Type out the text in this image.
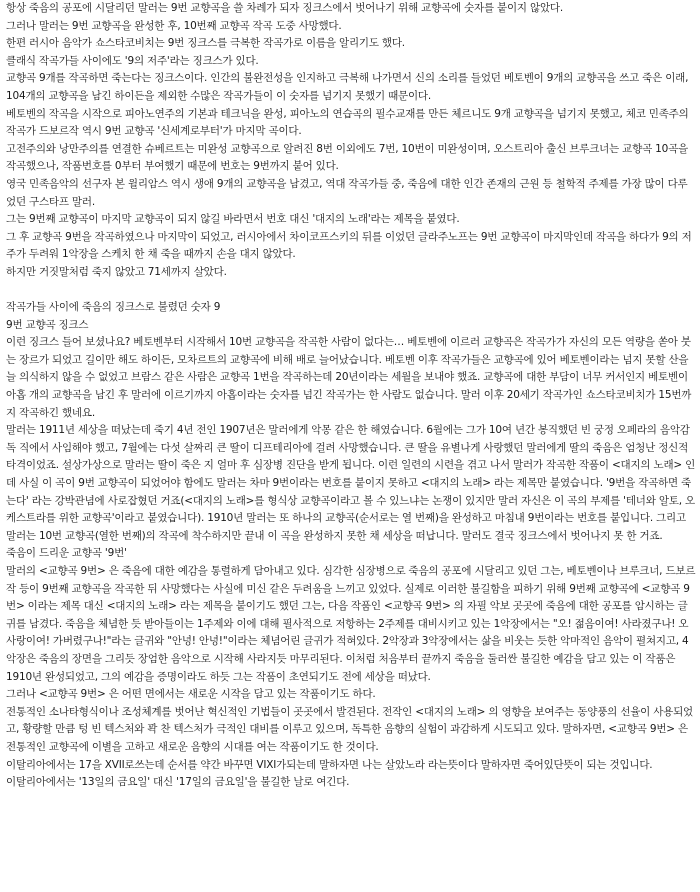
항상 죽음의 공포에 시달리던 말러는 9번 교향곡을 쓸 차례가 되자 징크스에서 벗어나기 위해 교향곡에 숫자를 붙이지 않았다.

그러나 말러는 9번 교향곡을 완성한 후, 10번째 교향곡 작곡 도중 사망했다.

한편 러시아 음악가 쇼스타코비치는 9번 징크스를 극복한 작곡가로 이름을 알리기도 했다.

클래식 작곡가들 사이에도 '9의 저주'라는 징크스가 있다.

교향곡 9개를 작곡하면 죽는다는 징크스이다. 인간의 불완전성을 인지하고 극복해 나가면서 신의 소리를 들었던 베토벤이 9개의 교향곡을 쓰고 죽은 이래, 104개의 교향곡을 남긴 하이든을 제외한 수많은 작곡가들이 이 숫자를 넘기지 못했기 때문이다.

베토벤의 작곡을 시작으로 피아노연주의 기본과 테크닉을 완성, 피아노의 연습곡의 필수교재를 만든 체르니도 9개 교향곡을 넘기지 못했고, 체코 민족주의 작곡가 드보르작 역시 9번 교향곡 '신세계로부터'가 마지막 곡이다.

고전주의와 낭만주의를 연결한 슈베르트는 미완성 교향곡으로 알려진 8번 이외에도 7번, 10번이 미완성이며, 오스트리아 출신 브루크너는 교향곡 10곡을 작곡했으나, 작품번호를 0부터 부여했기 때문에 번호는 9번까지 붙어 있다.

영국 민족음악의 선구자 본 윌리암스 역시 생애 9개의 교향곡을 남겼고, 역대 작곡가들 중, 죽음에 대한 인간 존재의 근원 등 철학적 주제를 가장 많이 다루었던 구스타프 말러.

그는 9번째 교향곡이 마지막 교향곡이 되지 않길 바라면서 번호 대신 '대지의 노래'라는 제목을 붙였다.

그 후 교향곡 9번을 작곡하였으나 마지막이 되었고, 러시아에서 차이코프스키의 뒤를 이었던 글라주노프는 9번 교향곡이 마지막인데 작곡을 하다가 9의 저주가 두려워 1악장을 스케치 한 채 죽을 때까지 손을 대지 않았다.

하지만 거짓말처럼 죽지 않았고 71세까지 살았다.

작곡가들 사이에 죽음의 징크스로 불렸던 숫자 9

9번 교향곡 징크스

이런 징크스 들어 보셨나요? 베토벤부터 시작해서 10번 교향곡을 작곡한 사람이 없다는… 베토벤에 이르러 교향곡은 작곡가가 자신의 모든 역량을 쏟아 붓는 장르가 되었고 길이만 해도 하이든, 모차르트의 교향곡에 비해 배로 늘어났습니다. 베토벤 이후 작곡가들은 교향곡에 있어 베토벤이라는 넘지 못할 산을 늘 의식하지 않을 수 없었고 브람스 같은 사람은 교향곡 1번을 작곡하는데 20년이라는 세월을 보내야 했죠. 교향곡에 대한 부담이 너무 커서인지 베토벤이 아홉 개의 교향곡을 남긴 후 말러에 이르기까지 아홉이라는 숫자를 넘긴 작곡가는 한 사람도 없습니다. 말러 이후 20세기 작곡가인 쇼스타코비치가 15번까지 작곡하긴 했네요.

말러는 1911년 세상을 떠났는데 죽기 4년 전인 1907년은 말러에게 악몽 같은 한 해였습니다. 6월에는 그가 10여 년간 봉직했던 빈 궁정 오페라의 음악감독 직에서 사임해야 했고, 7월에는 다섯 살짜리 큰 딸이 디프테리아에 걸려 사망했습니다. 큰 딸을 유별나게 사랑했던 말러에게 딸의 죽음은 엄청난 정신적 타격이었죠. 설상가상으로 말러는 딸이 죽은 지 얼마 후 심장병 진단을 받게 됩니다. 이런 일련의 시련을 겪고 나서 말러가 작곡한 작품이 <대지의 노래> 인데 사실 이 곡이 9번 교향곡이 되었어야 함에도 말러는 차마 9번이라는 번호를 붙이지 못하고 <대지의 노래> 라는 제목만 붙였습니다. '9번을 작곡하면 죽는다' 라는 강박관념에 사로잡혔던 거죠(<대지의 노래>를 형식상 교향곡이라고 볼 수 있느냐는 논쟁이 있지만 말러 자신은 이 곡의 부제를 '테너와 알토, 오케스트라를 위한 교향곡'이라고 붙였습니다). 1910년 말러는 또 하나의 교향곡(순서로는 열 번째)을 완성하고 마침내 9번이라는 번호를 붙입니다. 그리고 말러는 10번 교향곡(열한 번째)의 작곡에 착수하지만 끝내 이 곡을 완성하지 못한 채 세상을 떠납니다. 말러도 결국 징크스에서 벗어나지 못 한 거죠.

죽음이 드리운 교향곡 '9번'

말러의 <교향곡 9번> 은 죽음에 대한 예감을 통렬하게 담아내고 있다. 심각한 심장병으로 죽음의 공포에 시달리고 있던 그는, 베토벤이나 브루크너, 드보르작 등이 9번째 교향곡을 작곡한 뒤 사망했다는 사실에 미신 같은 두려움을 느끼고 있었다. 실제로 이러한 불길함을 피하기 위해 9번째 교향곡에 <교향곡 9번> 이라는 제목 대신 <대지의 노래> 라는 제목을 붙이기도 했던 그는, 다음 작품인 <교향곡 9번> 의 자필 악보 곳곳에 죽음에 대한 공포를 암시하는 글귀를 남겼다. 죽음을 체념한 듯 받아들이는 1주제와 이에 대해 필사적으로 저항하는 2주제를 대비시키고 있는 1악장에서는 "오! 젊음이여! 사라졌구나! 오 사랑이여! 가버렸구나!"라는 글귀와 "안녕! 안녕!"이라는 체념어린 글귀가 적혀있다. 2악장과 3악장에서는 삶을 비웃는 듯한 악마적인 음악이 펼쳐지고, 4악장은 죽음의 장면을 그리듯 장엄한 음악으로 시작해 사라지듯 마무리된다. 이처럼 처음부터 끝까지 죽음을 둘러싼 불길한 예감을 담고 있는 이 작품은 1910년 완성되었고, 그의 예감을 증명이라도 하듯 그는 작품이 초연되기도 전에 세상을 떠났다.

그러나 <교향곡 9번> 은 어떤 면에서는 새로운 시작을 담고 있는 작품이기도 하다.

전통적인 소나타형식이나 조성체계를 벗어난 혁신적인 기법들이 곳곳에서 발견된다. 전작인 <대지의 노래> 의 영향을 보여주는 동양풍의 선율이 사용되었고, 황량할 만큼 텅 빈 텍스처와 꽉 찬 텍스처가 극적인 대비를 이루고 있으며, 독특한 음향의 실험이 과감하게 시도되고 있다. 말하자면, <교향곡 9번> 은 전통적인 교향곡에 이별을 고하고 새로운 음향의 시대를 여는 작품이기도 한 것이다.

이탈리아에서는 17을 XVII로쓰는데 순서를 약간 바꾸면 VIXI가되는데 말하자면 나는 살았노라 라는뜻이다 말하자면 죽어있단뜻이 되는 것입니다.

이탈리아에서는 '13일의 금요일' 대신 '17일의 금요일'을 불길한 날로 여긴다.
